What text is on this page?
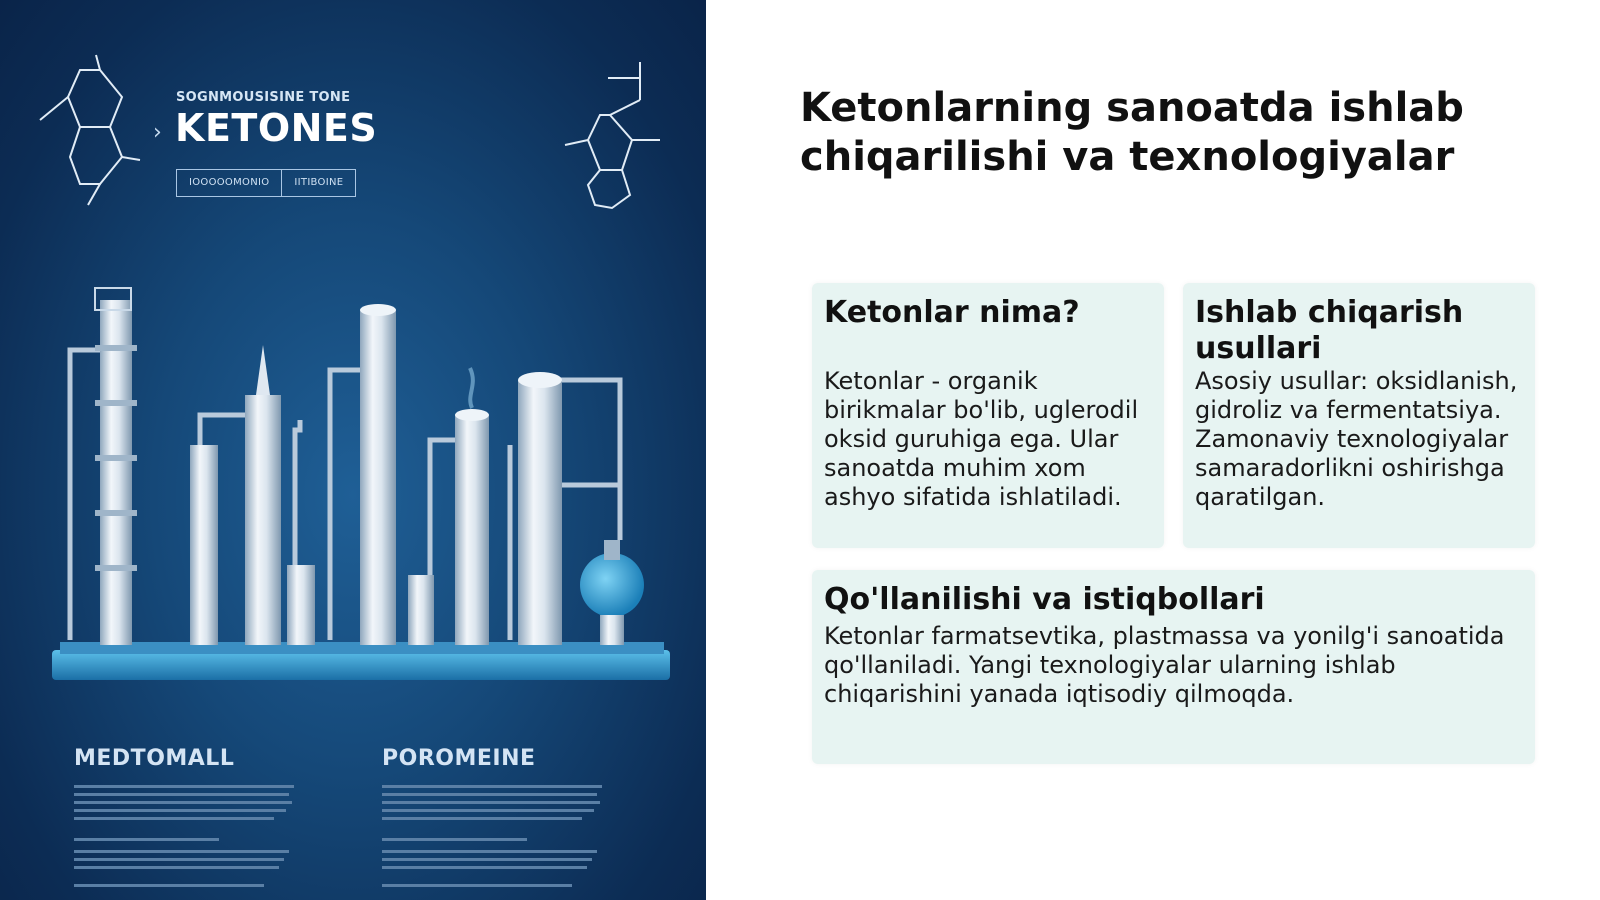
›
SOGNMOUSISINE TONE
KETONES
IOOOOOMONIO	IITIBOINE
MEDTOMALL	POROMEINE
Ketonlarning sanoatda ishlab chiqarilishi va texnologiyalar
Ketonlar nima?

Ketonlar - organik birikmalar bo'lib, uglerodil oksid guruhiga ega. Ular sanoatda muhim xom ashyo sifatida ishlatiladi.

Ishlab chiqarish usullari

Asosiy usullar: oksidlanish, gidroliz va fermentatsiya. Zamonaviy texnologiyalar samaradorlikni oshirishga qaratilgan.

Qo'llanilishi va istiqbollari

Ketonlar farmatsevtika, plastmassa va yonilg'i sanoatida qo'llaniladi. Yangi texnologiyalar ularning ishlab chiqarishini yanada iqtisodiy qilmoqda.
